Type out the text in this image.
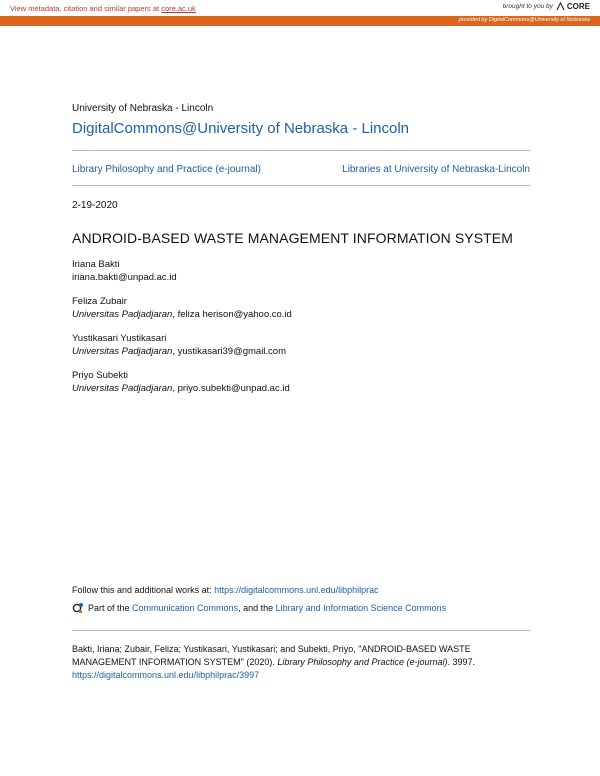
View metadata, citation and similar papers at core.ac.uk	brought to you by CORE
provided by DigitalCommons@University of Nebraska
University of Nebraska - Lincoln
DigitalCommons@University of Nebraska - Lincoln
Library Philosophy and Practice (e-journal)	Libraries at University of Nebraska-Lincoln
2-19-2020
ANDROID-BASED WASTE MANAGEMENT INFORMATION SYSTEM
Iriana Bakti
iriana.bakti@unpad.ac.id
Feliza Zubair
Universitas Padjadjaran, feliza herison@yahoo.co.id
Yustikasari Yustikasari
Universitas Padjadjaran, yustikasari39@gmail.com
Priyo Subekti
Universitas Padjadjaran, priyo.subekti@unpad.ac.id
Follow this and additional works at: https://digitalcommons.unl.edu/libphilprac
Part of the Communication Commons, and the Library and Information Science Commons
Bakti, Iriana; Zubair, Feliza; Yustikasari, Yustikasari; and Subekti, Priyo, "ANDROID-BASED WASTE MANAGEMENT INFORMATION SYSTEM" (2020). Library Philosophy and Practice (e-journal). 3997.
https://digitalcommons.unl.edu/libphilprac/3997
